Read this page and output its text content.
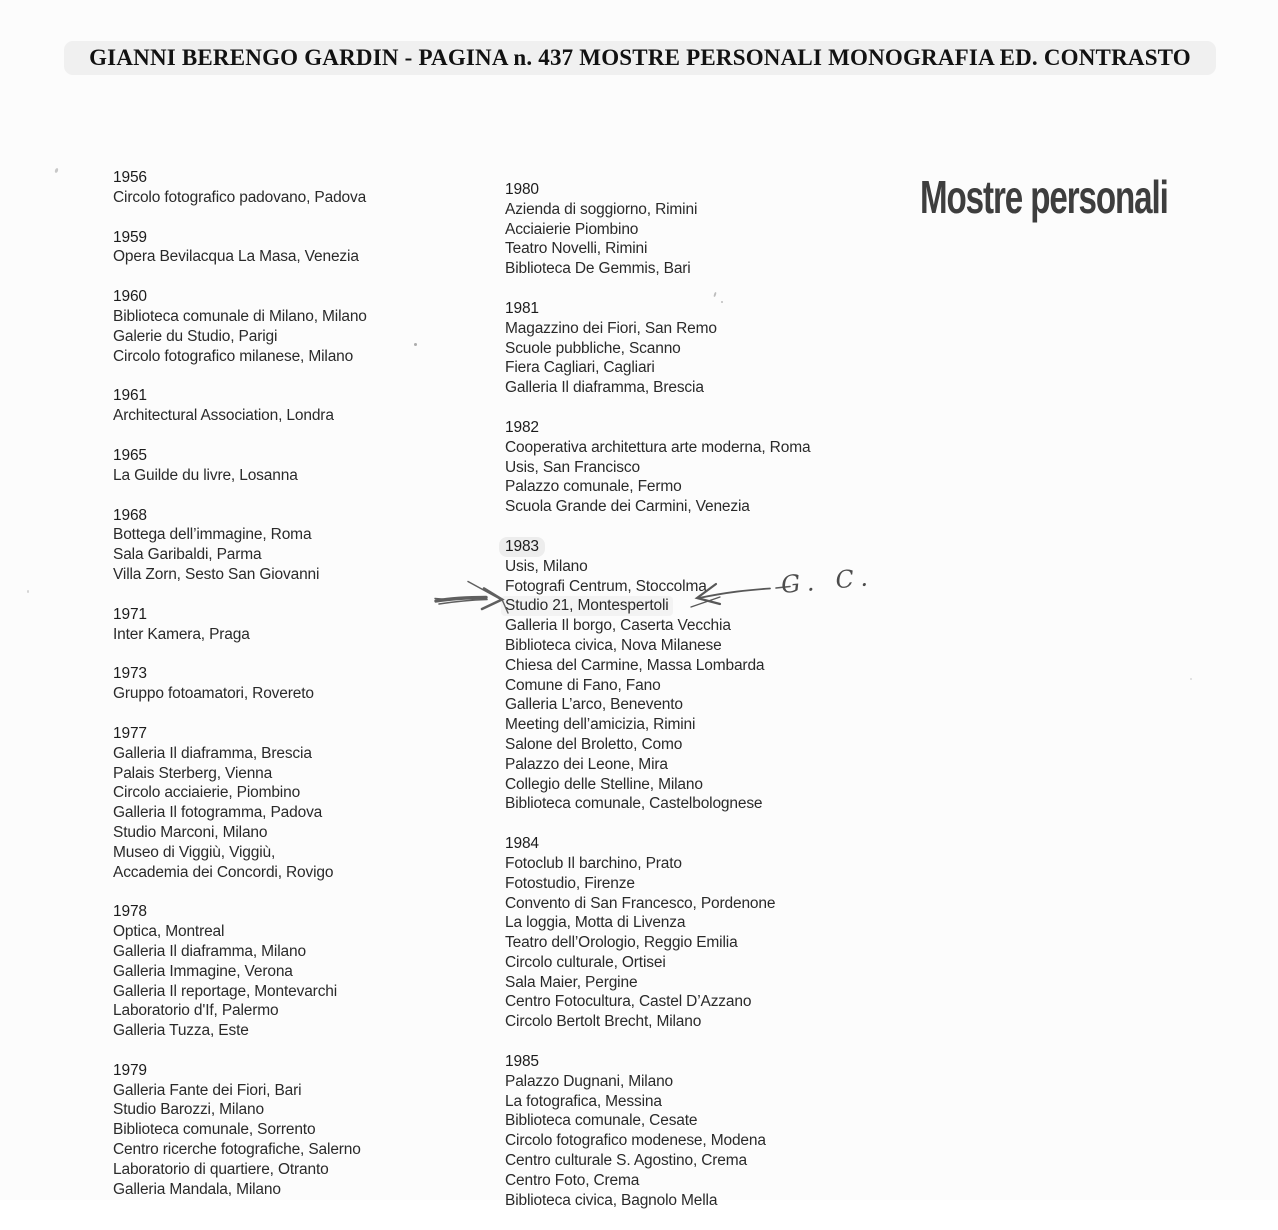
GIANNI BERENGO GARDIN - PAGINA n. 437 MOSTRE PERSONALI MONOGRAFIA ED. CONTRASTO
Mostre personali
1956
Circolo fotografico padovano, Padova
1959
Opera Bevilacqua La Masa, Venezia
1960
Biblioteca comunale di Milano, Milano
Galerie du Studio, Parigi
Circolo fotografico milanese, Milano
1961
Architectural Association, Londra
1965
La Guilde du livre, Losanna
1968
Bottega dell’immagine, Roma
Sala Garibaldi, Parma
Villa Zorn, Sesto San Giovanni
1971
Inter Kamera, Praga
1973
Gruppo fotoamatori, Rovereto
1977
Galleria Il diaframma, Brescia
Palais Sterberg, Vienna
Circolo acciaierie, Piombino
Galleria Il fotogramma, Padova
Studio Marconi, Milano
Museo di Viggiù, Viggiù,
Accademia dei Concordi, Rovigo
1978
Optica, Montreal
Galleria Il diaframma, Milano
Galleria Immagine, Verona
Galleria Il reportage, Montevarchi
Laboratorio d'If, Palermo
Galleria Tuzza, Este
1979
Galleria Fante dei Fiori, Bari
Studio Barozzi, Milano
Biblioteca comunale, Sorrento
Centro ricerche fotografiche, Salerno
Laboratorio di quartiere, Otranto
Galleria Mandala, Milano
1980
Azienda di soggiorno, Rimini
Acciaierie Piombino
Teatro Novelli, Rimini
Biblioteca De Gemmis, Bari
1981
Magazzino dei Fiori, San Remo
Scuole pubbliche, Scanno
Fiera Cagliari, Cagliari
Galleria Il diaframma, Brescia
1982
Cooperativa architettura arte moderna, Roma
Usis, San Francisco
Palazzo comunale, Fermo
Scuola Grande dei Carmini, Venezia
1983
Usis, Milano
Fotografi Centrum, Stoccolma
Studio 21, Montespertoli
Galleria Il borgo, Caserta Vecchia
Biblioteca civica, Nova Milanese
Chiesa del Carmine, Massa Lombarda
Comune di Fano, Fano
Galleria L’arco, Benevento
Meeting dell’amicizia, Rimini
Salone del Broletto, Como
Palazzo dei Leone, Mira
Collegio delle Stelline, Milano
Biblioteca comunale, Castelbolognese
1984
Fotoclub Il barchino, Prato
Fotostudio, Firenze
Convento di San Francesco, Pordenone
La loggia, Motta di Livenza
Teatro dell’Orologio, Reggio Emilia
Circolo culturale, Ortisei
Sala Maier, Pergine
Centro Fotocultura, Castel D’Azzano
Circolo Bertolt Brecht, Milano
1985
Palazzo Dugnani, Milano
La fotografica, Messina
Biblioteca comunale, Cesate
Circolo fotografico modenese, Modena
Centro culturale S. Agostino, Crema
Centro Foto, Crema
Biblioteca civica, Bagnolo Mella
G. C.
